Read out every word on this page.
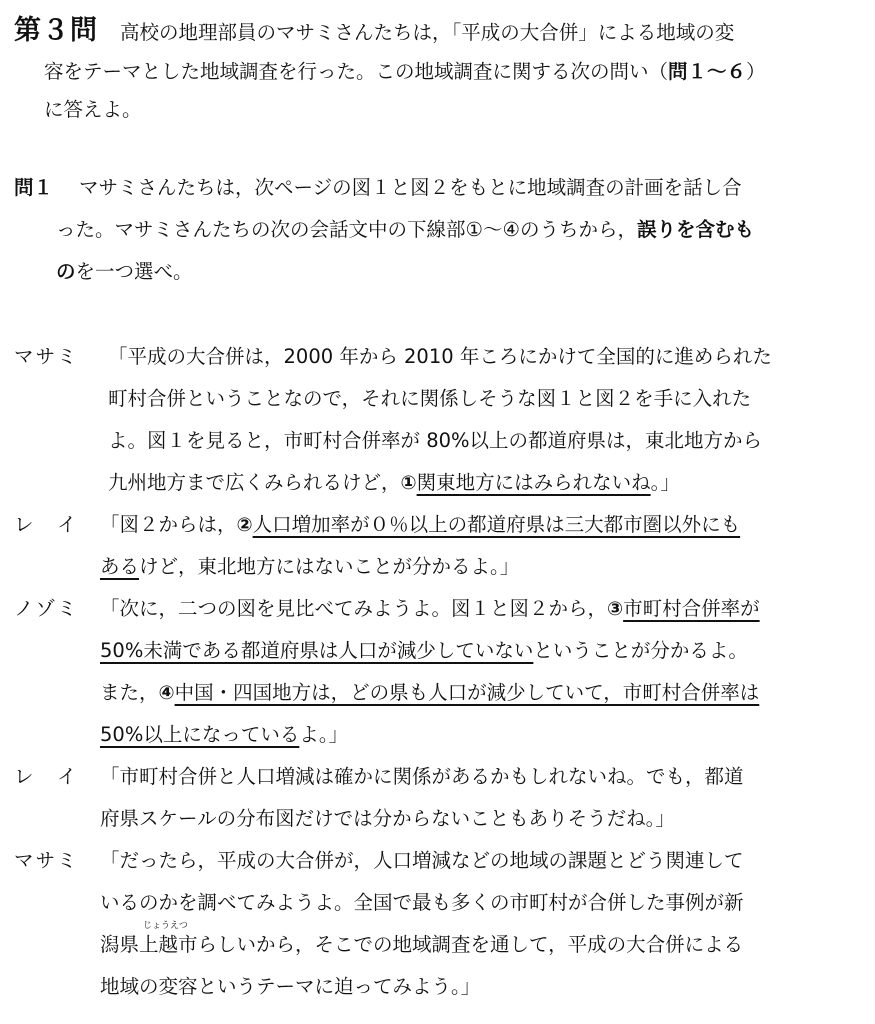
第３問 高校の地理部員のマサミさんたちは，「平成の大合併」による地域の変
容をテーマとした地域調査を行った。この地域調査に関する次の問い（問１～６）
に答えよ。
問１ マサミさんたちは，次ページの図１と図２をもとに地域調査の計画を話し合
った。マサミさんたちの次の会話文中の下線部①～④のうちから，誤りを含むも
のを一つ選べ。
マサミ 「平成の大合併は，2000 年から 2010 年ころにかけて全国的に進められた
町村合併ということなので，それに関係しそうな図１と図２を手に入れた
よ。図１を見ると，市町村合併率が 80%以上の都道府県は，東北地方から
九州地方まで広くみられるけど，①関東地方にはみられないね。」
レ　イ 「図２からは，②人口増加率が０％以上の都道府県は三大都市圏以外にも
あるけど，東北地方にはないことが分かるよ。」
ノゾミ 「次に，二つの図を見比べてみようよ。図１と図２から，③市町村合併率が
50%未満である都道府県は人口が減少していないということが分かるよ。
また，④中国・四国地方は，どの県も人口が減少していて，市町村合併率は
50%以上になっているよ。」
レ　イ 「市町村合併と人口増減は確かに関係があるかもしれないね。でも，都道
府県スケールの分布図だけでは分からないこともありそうだね。」
マサミ 「だったら，平成の大合併が，人口増減などの地域の課題とどう関連して
いるのかを調べてみようよ。全国で最も多くの市町村が合併した事例が新
じょうえつ
潟県上越市らしいから，そこでの地域調査を通して，平成の大合併による
地域の変容というテーマに迫ってみよう。」
